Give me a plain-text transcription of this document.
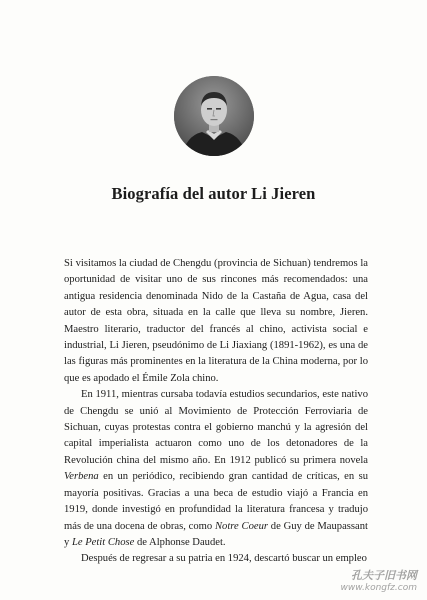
Biografía del autor Li Jieren

Si visitamos la ciudad de Chengdu (provincia de Sichuan) tendremos la oportunidad de visitar uno de sus rincones más recomendados: una antigua residencia denominada Nido de la Castaña de Agua, casa del autor de esta obra, situada en la calle que lleva su nombre, Jieren. Maestro literario, traductor del francés al chino, activista social e industrial, Li Jieren, pseudónimo de Li Jiaxiang (1891-1962), es una de las figuras más prominentes en la literatura de la China moderna, por lo que es apodado el Émile Zola chino.

En 1911, mientras cursaba todavía estudios secundarios, este nativo de Chengdu se unió al Movimiento de Protección Ferroviaria de Sichuan, cuyas protestas contra el gobierno manchú y la agresión del capital imperialista actuaron como uno de los detonadores de la Revolución china del mismo año. En 1912 publicó su primera novela Verbena en un periódico, recibiendo gran cantidad de críticas, en su mayoría positivas. Gracias a una beca de estudio viajó a Francia en 1919, donde investigó en profundidad la literatura francesa y tradujo más de una docena de obras, como Notre Coeur de Guy de Maupassant y Le Petit Chose de Alphonse Daudet.

Después de regresar a su patria en 1924, descartó buscar un empleo

孔夫子旧书网
www.kongfz.com
